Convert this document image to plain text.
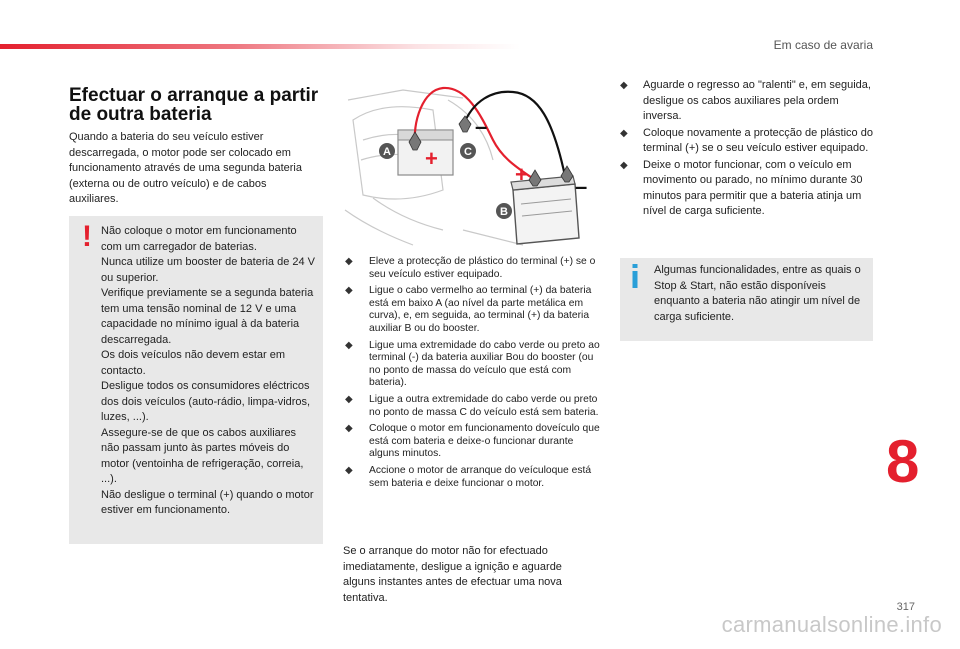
Em caso de avaria
Efectuar o arranque a partir de outra bateria

Quando a bateria do seu veículo estiver descarregada, o motor pode ser colocado em funcionamento através de uma segunda bateria (externa ou de outro veículo) e de cabos auxiliares.

! Não coloque o motor em funcionamento com um carregador de baterias.
Nunca utilize um booster de bateria de 24 V ou superior.
Verifique previamente se a segunda bateria tem uma tensão nominal de 12 V e uma capacidade no mínimo igual à da bateria descarregada.
Os dois veículos não devem estar em contacto.
Desligue todos os consumidores eléctricos dos dois veículos (auto-rádio, limpa-vidros, luzes, ...).
Assegure-se de que os cabos auxiliares não passam junto às partes móveis do motor (ventoinha de refrigeração, correia, ...).
Não desligue o terminal (+) quando o motor estiver em funcionamento.

+
–
+ –
A	C
B
◆ Eleve a protecção de plástico do terminal (+) se o seu veículo estiver equipado.
◆ Ligue o cabo vermelho ao terminal (+) da bateria está em baixo A (ao nível da parte metálica em curva), e, em seguida, ao terminal (+) da bateria auxiliar B ou do booster.
◆ Ligue uma extremidade do cabo verde ou preto ao terminal (-) da bateria auxiliar Bou do booster (ou no ponto de massa do veículo que está com bateria).
◆ Ligue a outra extremidade do cabo verde ou preto no ponto de massa C do veículo está sem bateria.
◆ Coloque o motor em funcionamento doveículo que está com bateria e deixe-o funcionar durante alguns minutos.
◆ Accione o motor de arranque do veículoque está sem bateria e deixe funcionar o motor.

Se o arranque do motor não for efectuado imediatamente, desligue a ignição e aguarde alguns instantes antes de efectuar uma nova tentativa.

◆ Aguarde o regresso ao "ralenti" e, em seguida, desligue os cabos auxiliares pela ordem inversa.
◆ Coloque novamente a protecção de plástico do terminal (+) se o seu veículo estiver equipado.
◆ Deixe o motor funcionar, com o veículo em movimento ou parado, no mínimo durante 30 minutos para permitir que a bateria atinja um nível de carga suficiente.

Algumas funcionalidades, entre as quais o Stop & Start, não estão disponíveis enquanto a bateria não atingir um nível de carga suficiente.

8
317
carmanualsonline.info
